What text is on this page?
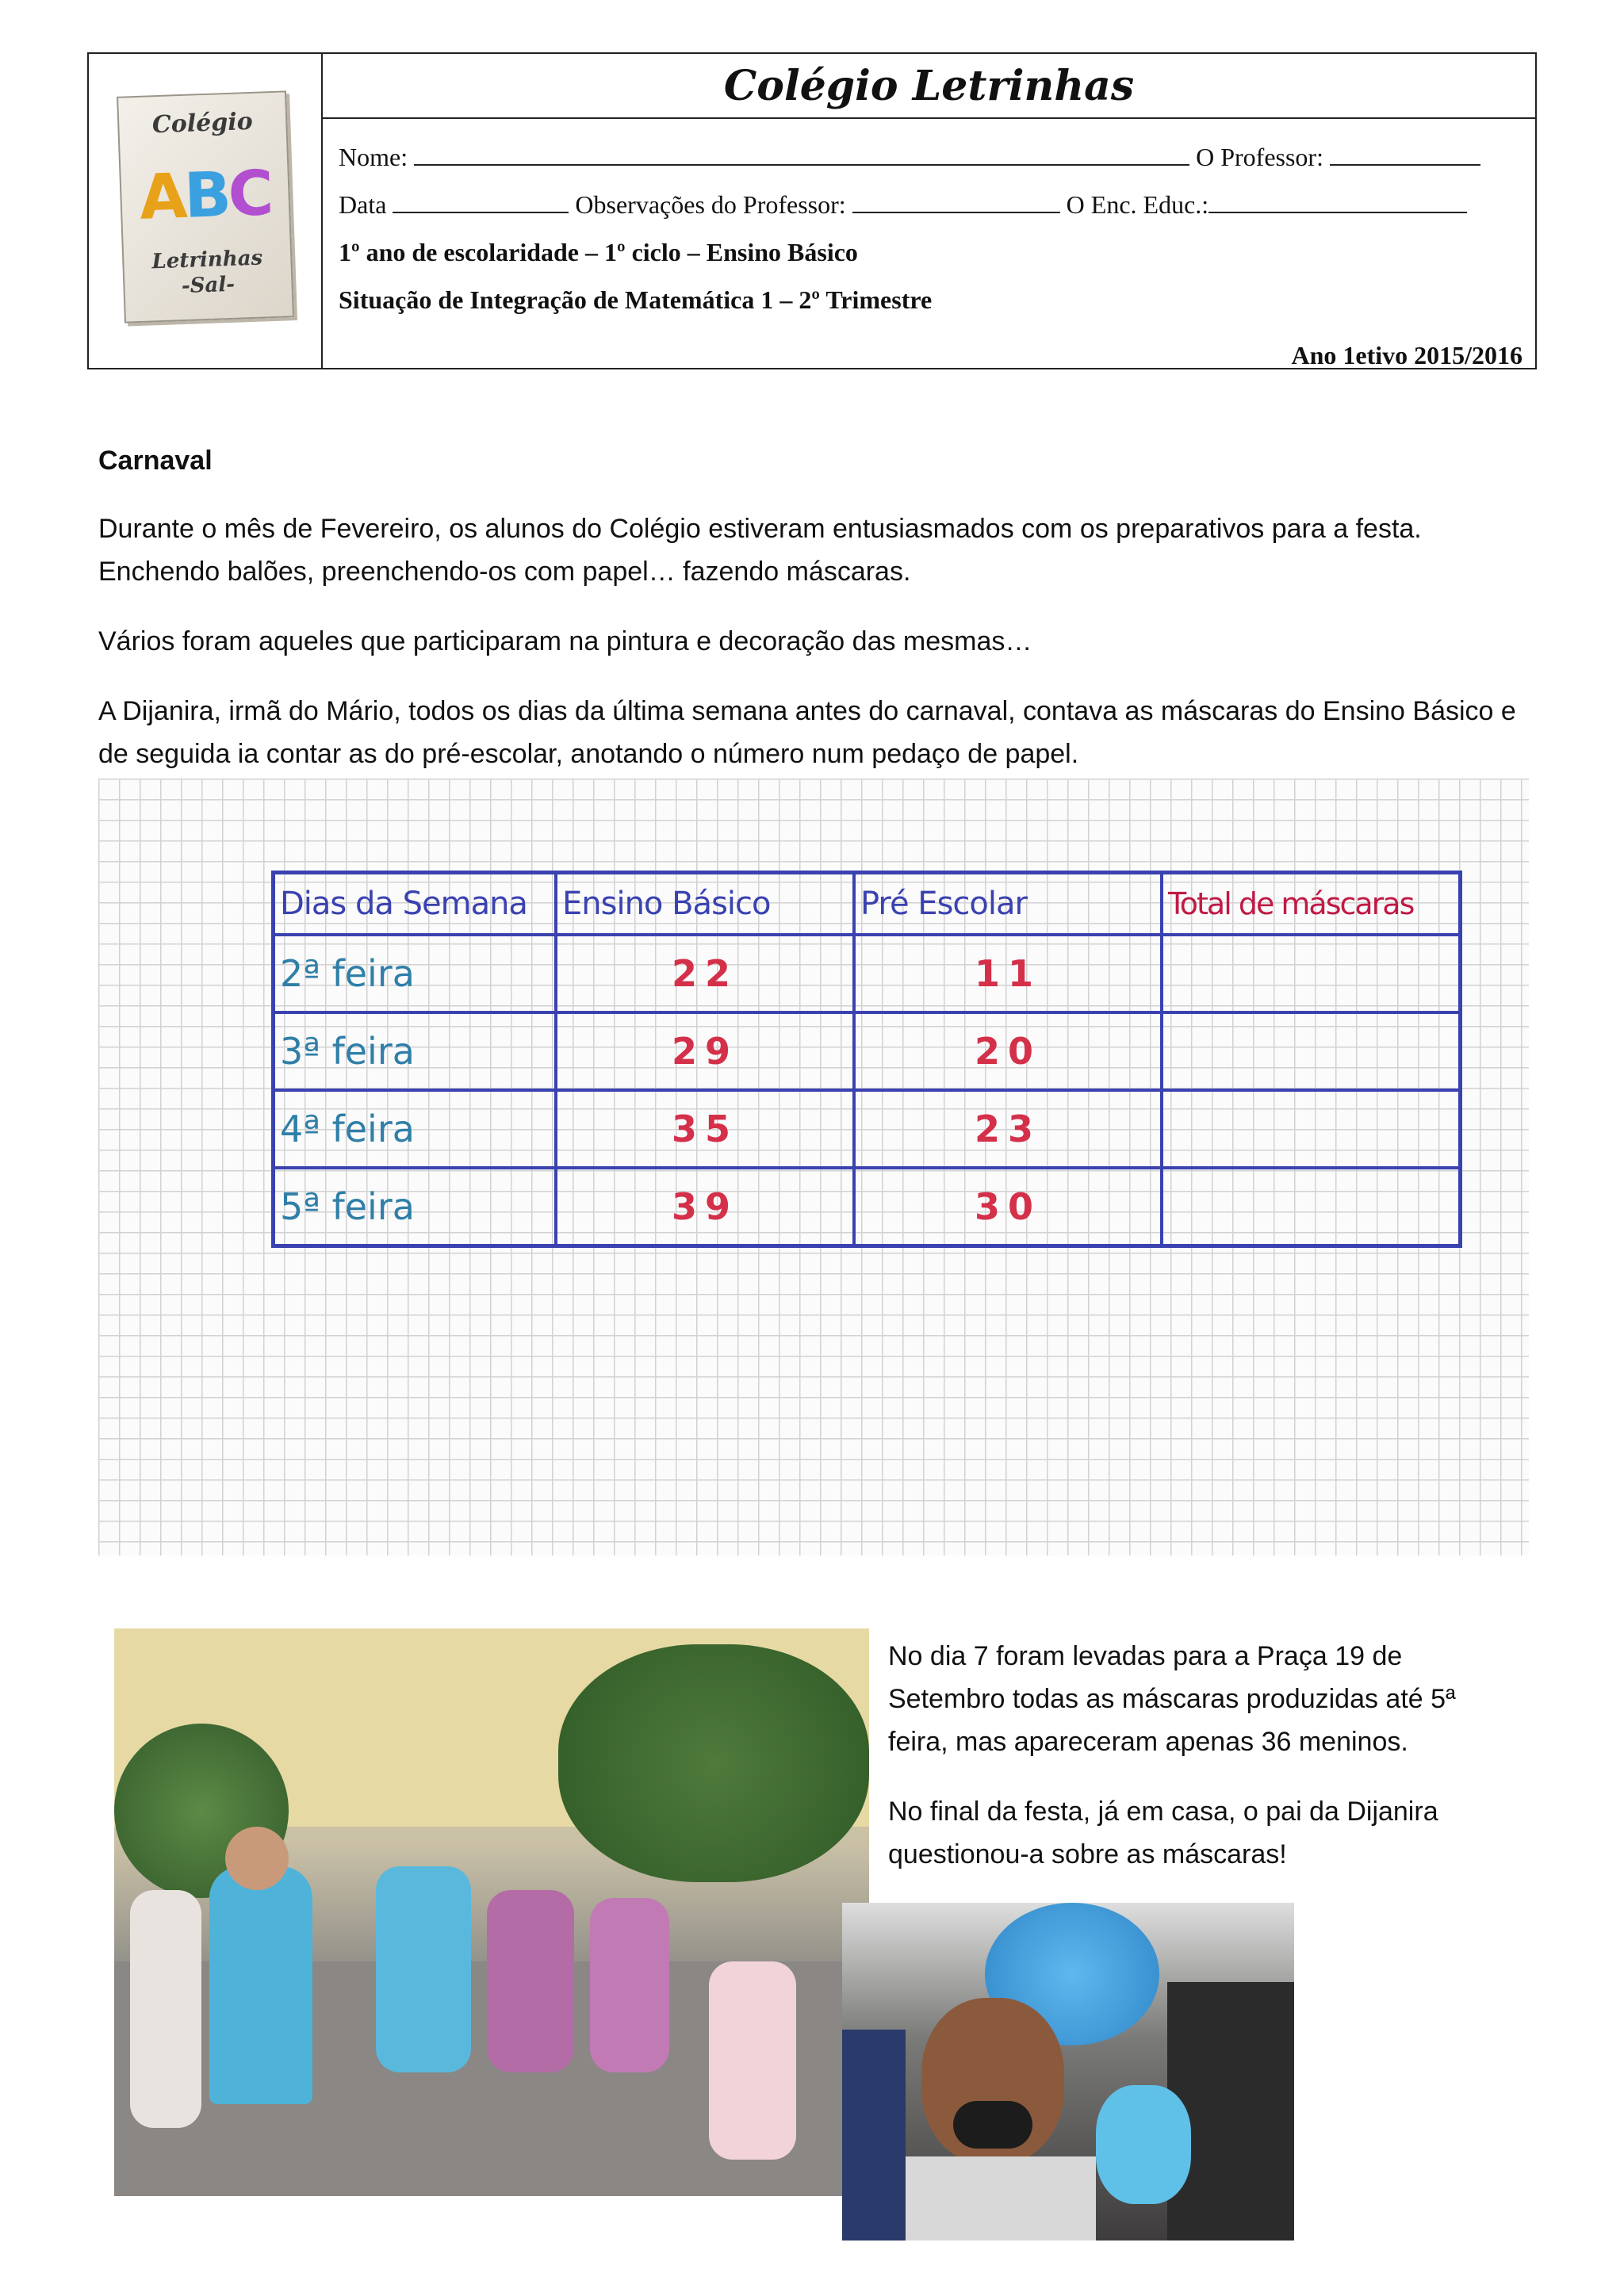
Colégio
ABC
Letrinhas
-Sal-
Colégio Letrinhas
Nome:	O Professor:
Data	Observações do Professor:	O Enc. Educ.:
1º ano de escolaridade – 1º ciclo – Ensino Básico
Situação de Integração de Matemática 1 – 2º Trimestre
Ano 1etivo 2015/2016
Carnaval
Durante o mês de Fevereiro, os alunos do Colégio estiveram entusiasmados com os preparativos para a festa.
Enchendo balões, preenchendo-os com papel… fazendo máscaras.
Vários foram aqueles que participaram na pintura e decoração das mesmas…
A Dijanira, irmã do Mário, todos os dias da última semana antes do carnaval, contava as máscaras do Ensino Básico e
de seguida ia contar as do pré-escolar, anotando o número num pedaço de papel.
Dias da Semana	Ensino Básico	Pré Escolar	Total de máscaras
2ª feira	22	11	
3ª feira	29	20	
4ª feira	35	23	
5ª feira	39	30	
No dia 7 foram levadas para a Praça 19 de
Setembro todas as máscaras produzidas até 5ª
feira, mas apareceram apenas 36 meninos.
No final da festa, já em casa, o pai da Dijanira
questionou-a sobre as máscaras!
